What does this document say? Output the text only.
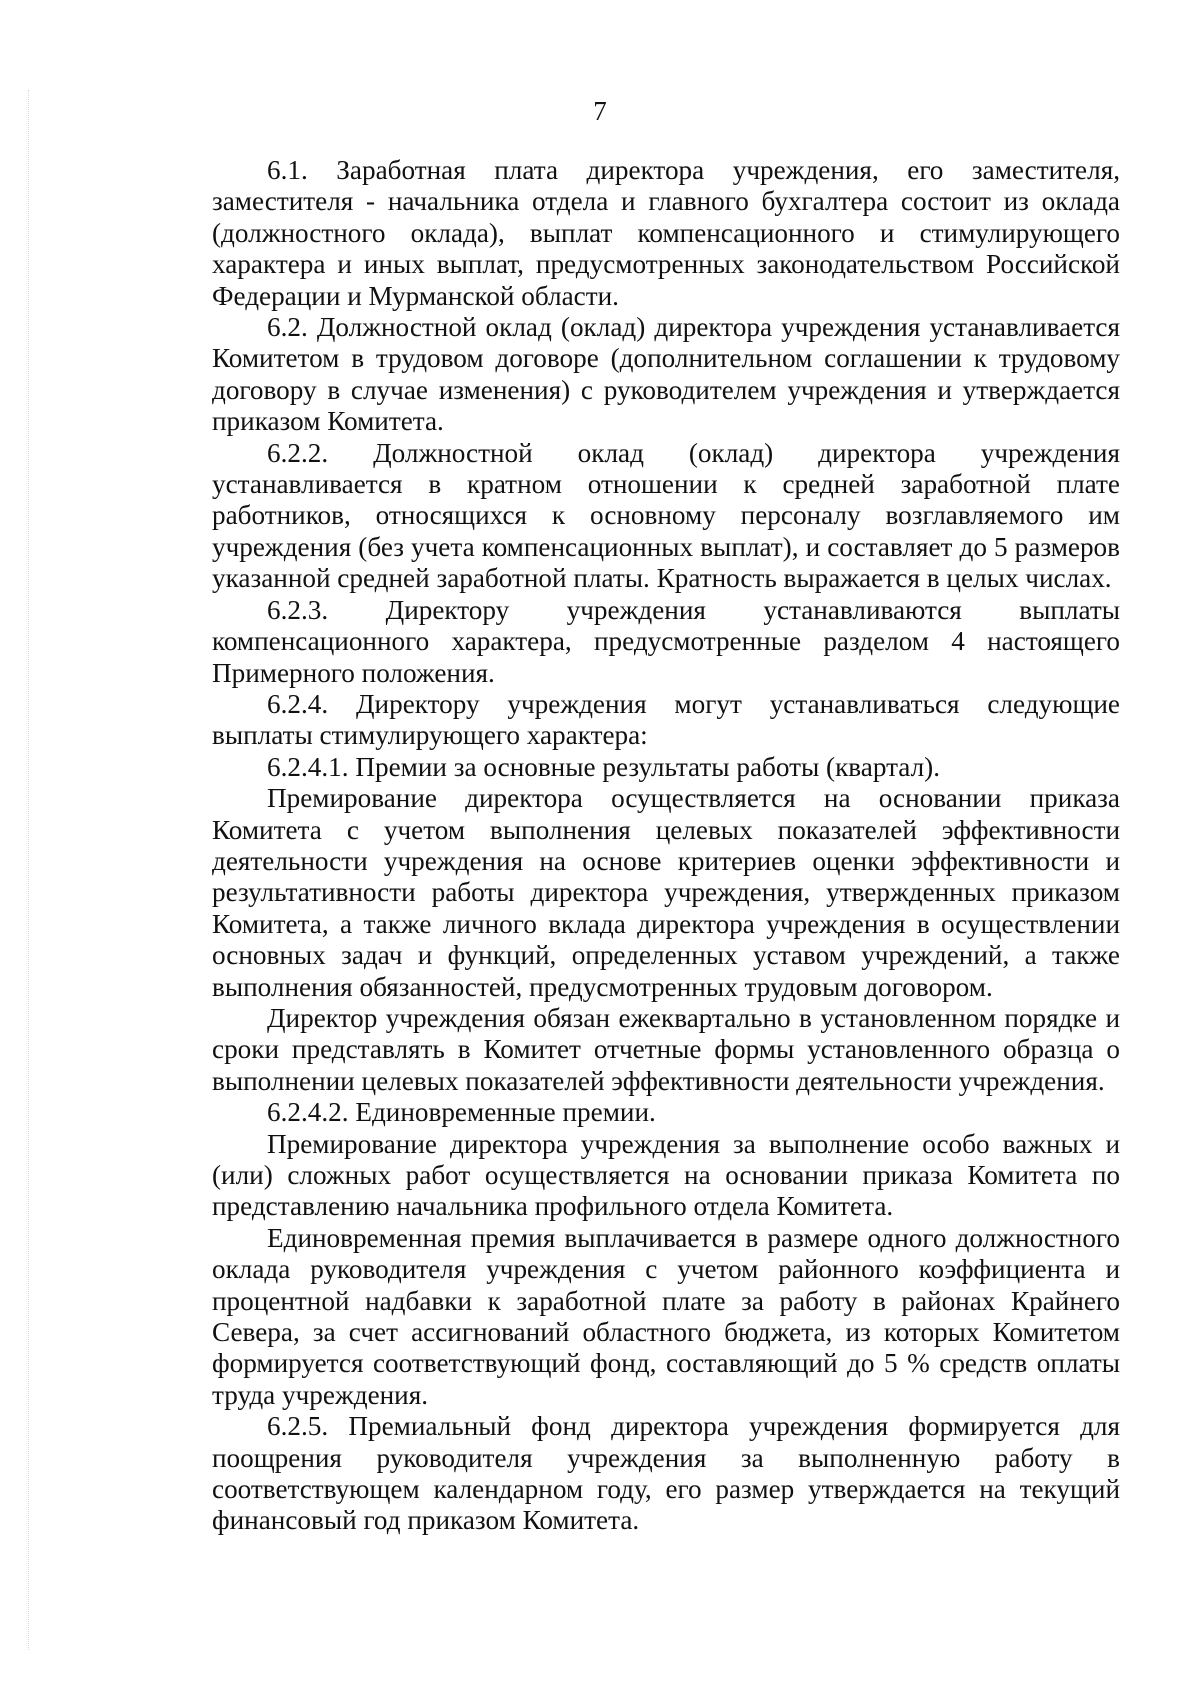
7

6.1. Заработная плата директора учреждения, его заместителя, заместителя - начальника отдела и главного бухгалтера состоит из оклада (должностного оклада), выплат компенсационного и стимулирующего характера и иных выплат, предусмотренных законодательством Российской Федерации и Мурманской области.

6.2. Должностной оклад (оклад) директора учреждения устанавливается Комитетом в трудовом договоре (дополнительном соглашении к трудовому договору в случае изменения) с руководителем учреждения и утверждается приказом Комитета.

6.2.2. Должностной оклад (оклад) директора учреждения устанавливается в кратном отношении к средней заработной плате работников, относящихся к основному персоналу возглавляемого им учреждения (без учета компенсационных выплат), и составляет до 5 размеров указанной средней заработной платы. Кратность выражается в целых числах.

6.2.3. Директору учреждения устанавливаются выплаты компенсационного характера, предусмотренные разделом 4 настоящего Примерного положения.

6.2.4. Директору учреждения могут устанавливаться следующие выплаты стимулирующего характера:

6.2.4.1. Премии за основные результаты работы (квартал).

Премирование директора осуществляется на основании приказа Комитета с учетом выполнения целевых показателей эффективности деятельности учреждения на основе критериев оценки эффективности и результативности работы директора учреждения, утвержденных приказом Комитета, а также личного вклада директора учреждения в осуществлении основных задач и функций, определенных уставом учреждений, а также выполнения обязанностей, предусмотренных трудовым договором.

Директор учреждения обязан ежеквартально в установленном порядке и сроки представлять в Комитет отчетные формы установленного образца о выполнении целевых показателей эффективности деятельности учреждения.

6.2.4.2. Единовременные премии.

Премирование директора учреждения за выполнение особо важных и (или) сложных работ осуществляется на основании приказа Комитета по представлению начальника профильного отдела Комитета.

Единовременная премия выплачивается в размере одного должностного оклада руководителя учреждения с учетом районного коэффициента и процентной надбавки к заработной плате за работу в районах Крайнего Севера, за счет ассигнований областного бюджета, из которых Комитетом формируется соответствующий фонд, составляющий до 5 % средств оплаты труда учреждения.

6.2.5. Премиальный фонд директора учреждения формируется для поощрения руководителя учреждения за выполненную работу в соответствующем календарном году, его размер утверждается на текущий финансовый год приказом Комитета.
